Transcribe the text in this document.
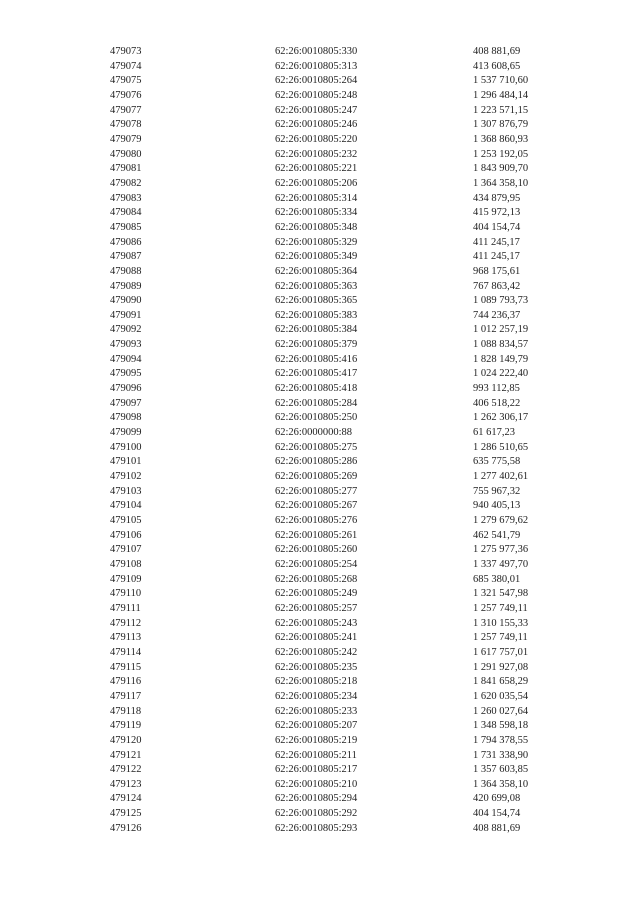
479073	62:26:0010805:330	408 881,69
479074	62:26:0010805:313	413 608,65
479075	62:26:0010805:264	1 537 710,60
479076	62:26:0010805:248	1 296 484,14
479077	62:26:0010805:247	1 223 571,15
479078	62:26:0010805:246	1 307 876,79
479079	62:26:0010805:220	1 368 860,93
479080	62:26:0010805:232	1 253 192,05
479081	62:26:0010805:221	1 843 909,70
479082	62:26:0010805:206	1 364 358,10
479083	62:26:0010805:314	434 879,95
479084	62:26:0010805:334	415 972,13
479085	62:26:0010805:348	404 154,74
479086	62:26:0010805:329	411 245,17
479087	62:26:0010805:349	411 245,17
479088	62:26:0010805:364	968 175,61
479089	62:26:0010805:363	767 863,42
479090	62:26:0010805:365	1 089 793,73
479091	62:26:0010805:383	744 236,37
479092	62:26:0010805:384	1 012 257,19
479093	62:26:0010805:379	1 088 834,57
479094	62:26:0010805:416	1 828 149,79
479095	62:26:0010805:417	1 024 222,40
479096	62:26:0010805:418	993 112,85
479097	62:26:0010805:284	406 518,22
479098	62:26:0010805:250	1 262 306,17
479099	62:26:0000000:88	61 617,23
479100	62:26:0010805:275	1 286 510,65
479101	62:26:0010805:286	635 775,58
479102	62:26:0010805:269	1 277 402,61
479103	62:26:0010805:277	755 967,32
479104	62:26:0010805:267	940 405,13
479105	62:26:0010805:276	1 279 679,62
479106	62:26:0010805:261	462 541,79
479107	62:26:0010805:260	1 275 977,36
479108	62:26:0010805:254	1 337 497,70
479109	62:26:0010805:268	685 380,01
479110	62:26:0010805:249	1 321 547,98
479111	62:26:0010805:257	1 257 749,11
479112	62:26:0010805:243	1 310 155,33
479113	62:26:0010805:241	1 257 749,11
479114	62:26:0010805:242	1 617 757,01
479115	62:26:0010805:235	1 291 927,08
479116	62:26:0010805:218	1 841 658,29
479117	62:26:0010805:234	1 620 035,54
479118	62:26:0010805:233	1 260 027,64
479119	62:26:0010805:207	1 348 598,18
479120	62:26:0010805:219	1 794 378,55
479121	62:26:0010805:211	1 731 338,90
479122	62:26:0010805:217	1 357 603,85
479123	62:26:0010805:210	1 364 358,10
479124	62:26:0010805:294	420 699,08
479125	62:26:0010805:292	404 154,74
479126	62:26:0010805:293	408 881,69
